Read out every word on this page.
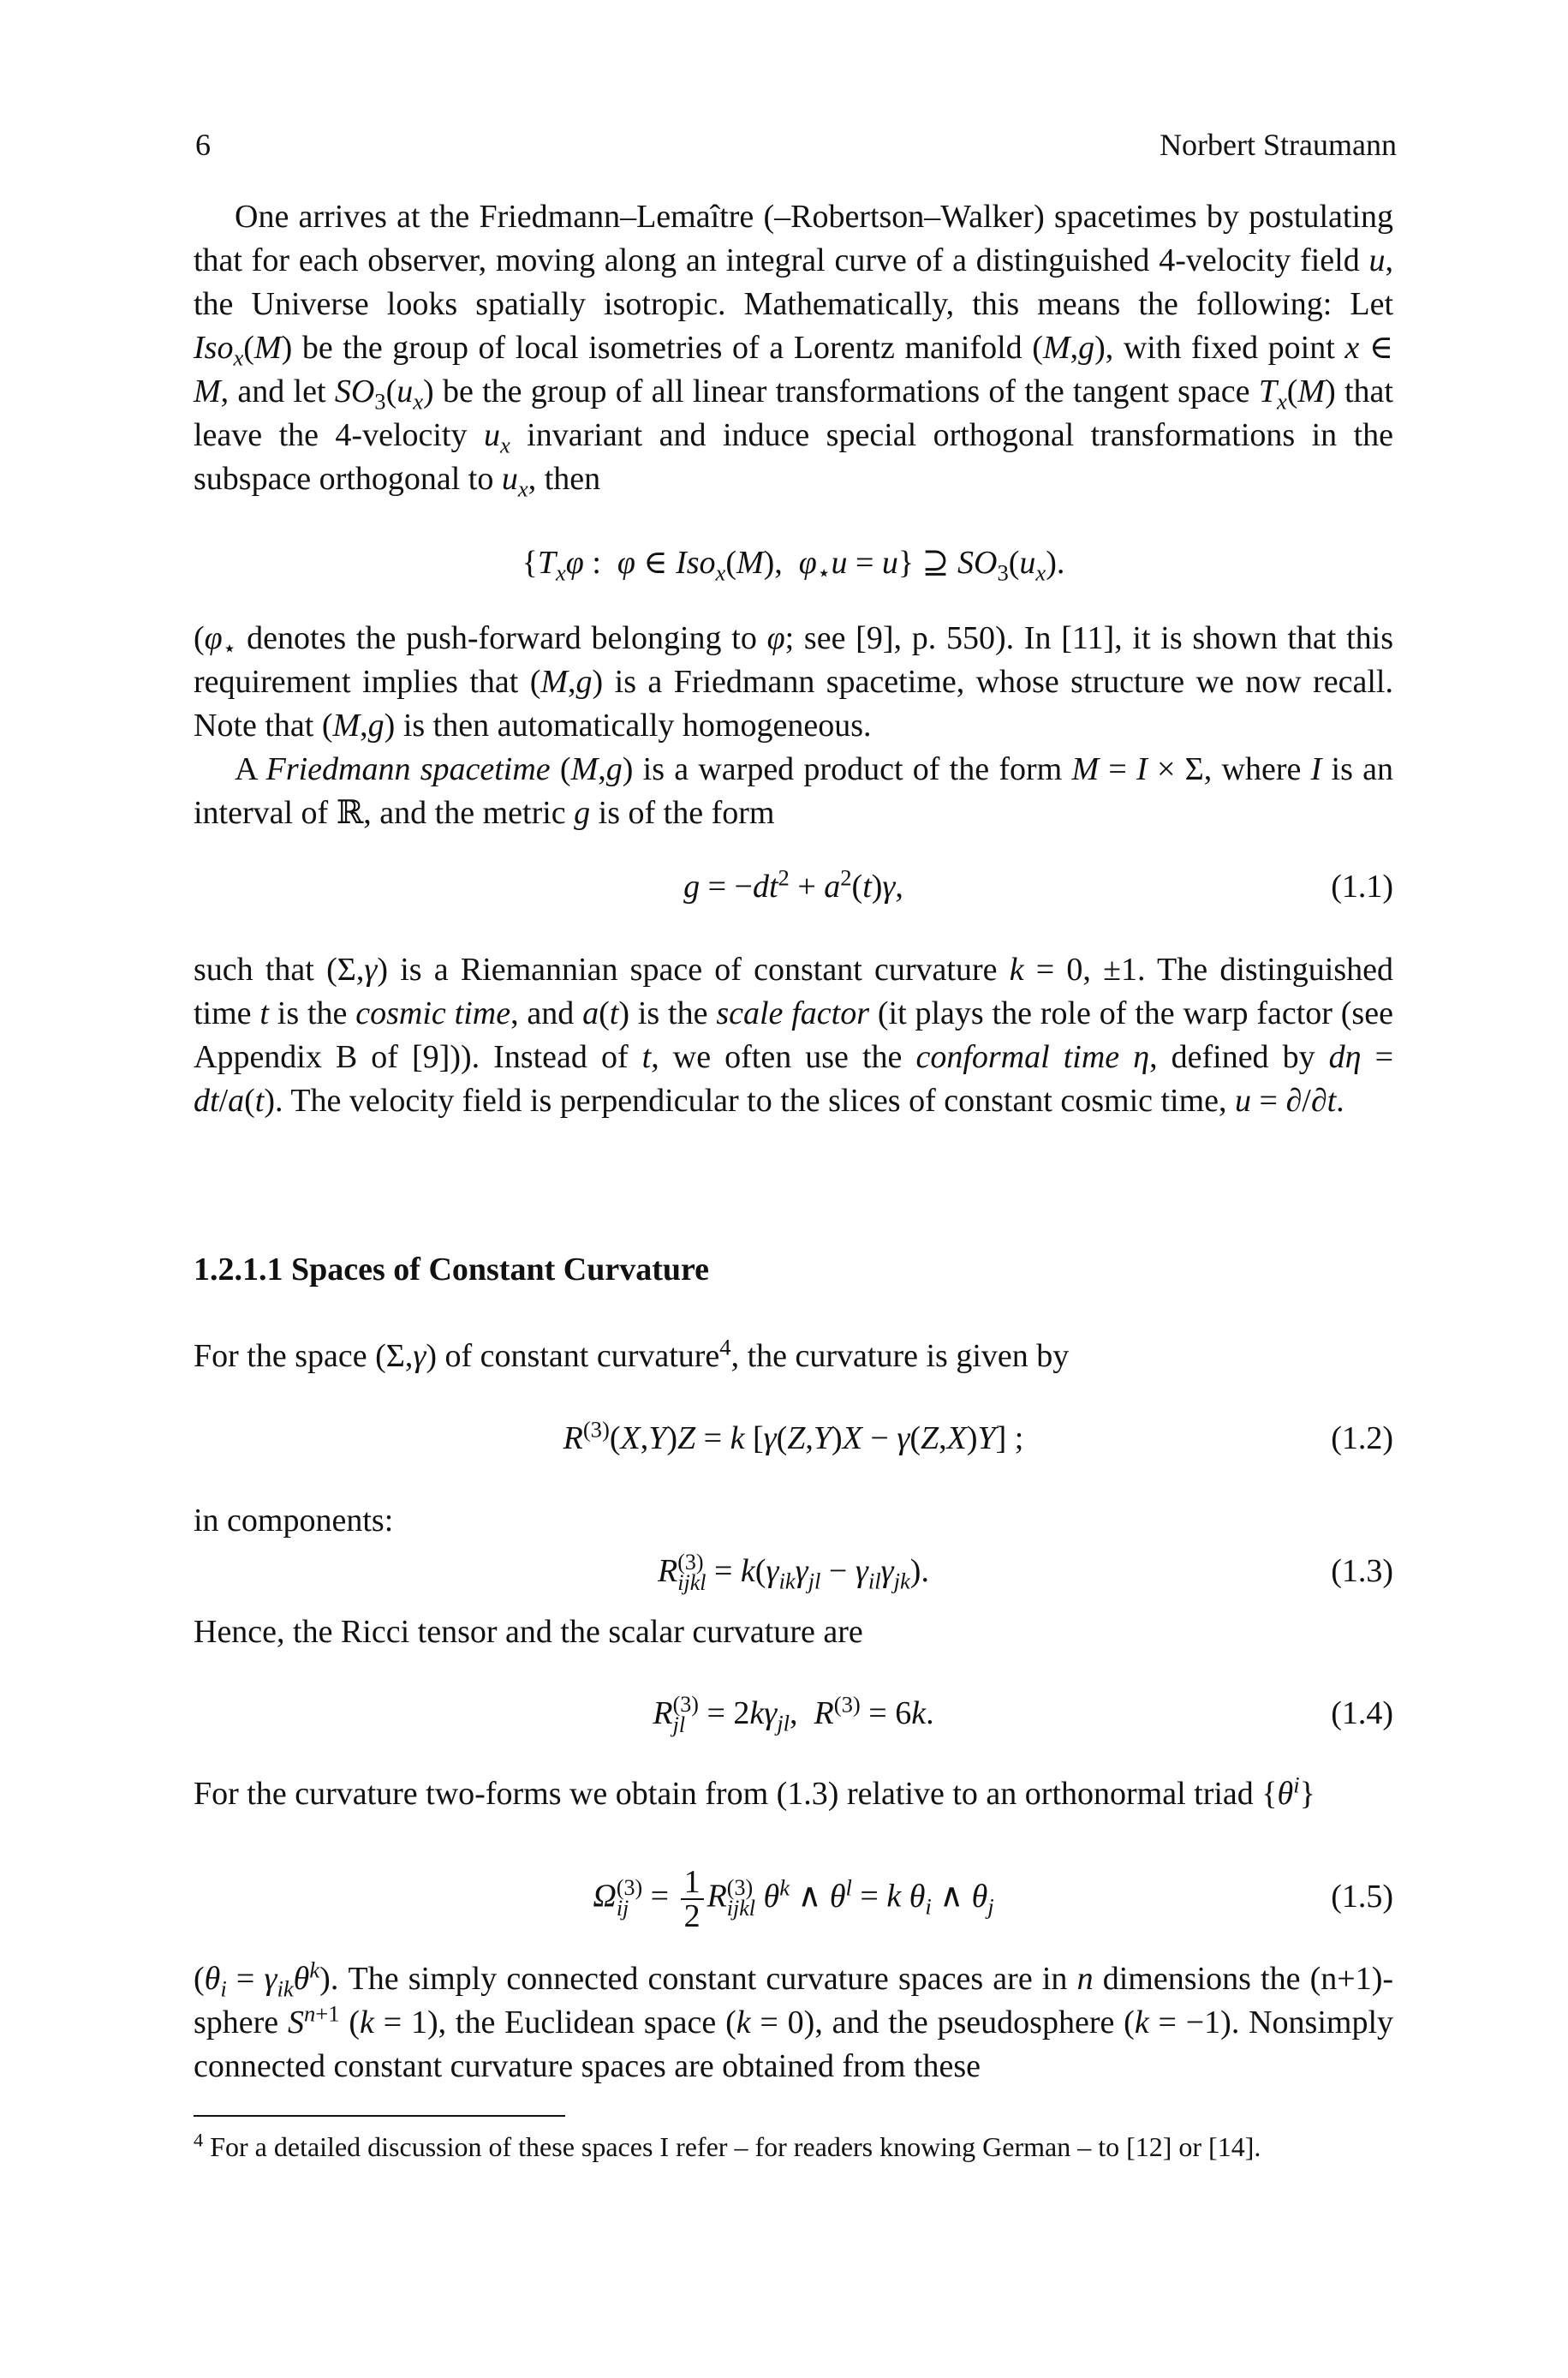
6	Norbert Straumann
One arrives at the Friedmann–Lemaître (–Robertson–Walker) spacetimes by postulating that for each observer, moving along an integral curve of a distinguished 4-velocity field u, the Universe looks spatially isotropic. Mathematically, this means the following: Let Iso$_x$(M) be the group of local isometries of a Lorentz manifold (M,g), with fixed point x ∈ M, and let $SO_3(u_x)$ be the group of all linear transformations of the tangent space $T_x(M)$ that leave the 4-velocity $u_x$ invariant and induce special orthogonal transformations in the subspace orthogonal to $u_x$, then
{$T_x\varphi$ :  φ ∈ Iso$_x$(M),  $\varphi_⋆u = u$} ⊇ $SO_3(u_x)$.
($\varphi_⋆$ denotes the push-forward belonging to φ; see [9], p. 550). In [11], it is shown that this requirement implies that (M,g) is a Friedmann spacetime, whose structure we now recall. Note that (M,g) is then automatically homogeneous.
A Friedmann spacetime (M,g) is a warped product of the form M = I × Σ, where I is an interval of ℝ, and the metric g is of the form
$g = -dt^2 + a^2(t)\gamma$,	(1.1)
such that (Σ,γ) is a Riemannian space of constant curvature k = 0, ±1. The distinguished time t is the cosmic time, and a(t) is the scale factor (it plays the role of the warp factor (see Appendix B of [9])). Instead of t, we often use the conformal time η, defined by dη = dt/a(t). The velocity field is perpendicular to the slices of constant cosmic time, u = ∂/∂t.
1.2.1.1 Spaces of Constant Curvature
For the space (Σ,γ) of constant curvature$^4$, the curvature is given by
$R^{(3)}(X,Y)Z = k$ [γ(Z,Y)X − γ(Z,X)Y] ;	(1.2)
in components:
R (3)
ijkl = $k(\gamma_{ik}\gamma_{jl} - \gamma_{il}\gamma_{jk})$.	(1.3)
Hence, the Ricci tensor and the scalar curvature are
R (3)
jl = $2k\gamma_{jl}$,  $R^{(3)} = 6k$.	(1.4)
For the curvature two-forms we obtain from (1.3) relative to an orthonormal triad $\{\theta^i\}$
Ω (3)
ij = $\frac{1}{2}$ R (3)
ijkl $\theta^k$ ∧ $\theta^l = k$ $\theta_i$ ∧ $\theta_j$	(1.5)
$(\theta_i = \gamma_{ik}\theta^k)$. The simply connected constant curvature spaces are in n dimensions the (n+1)-sphere $S^{n+1}$ (k = 1), the Euclidean space (k = 0), and the pseudosphere (k = −1). Nonsimply connected constant curvature spaces are obtained from these
$^4$ For a detailed discussion of these spaces I refer – for readers knowing German – to [12] or [14].
